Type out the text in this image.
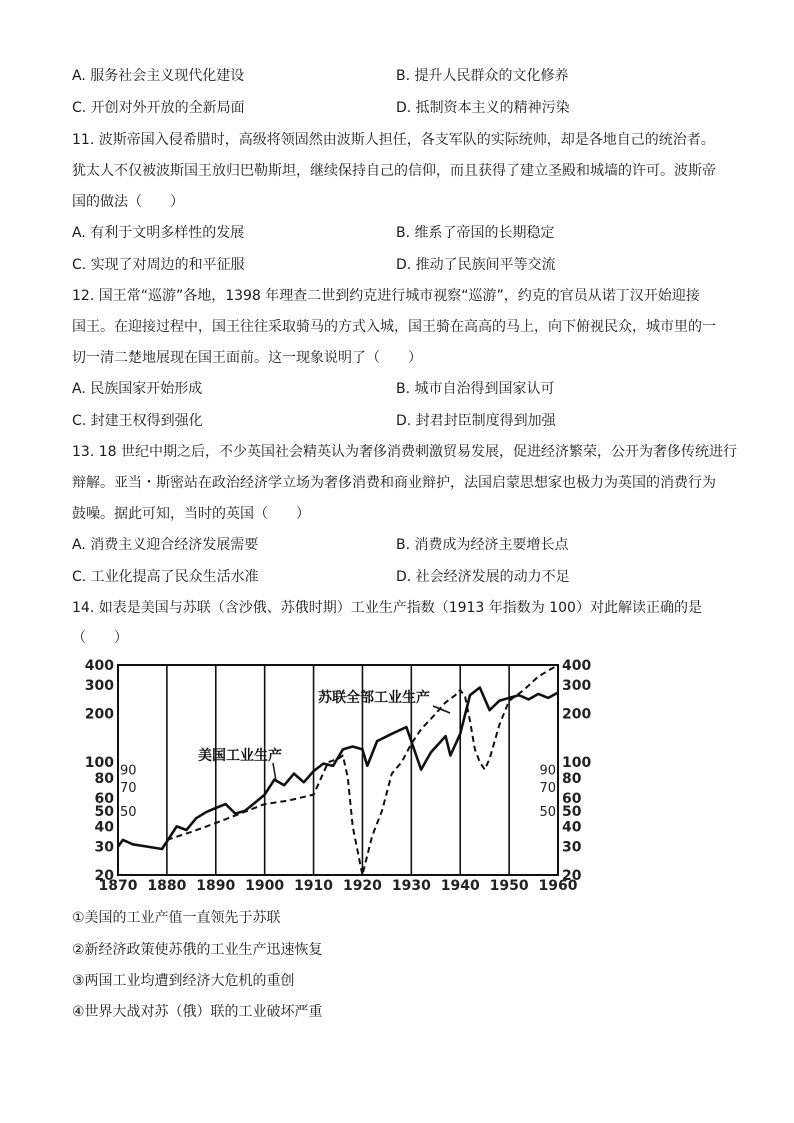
A. 服务社会主义现代化建设	B. 提升人民群众的文化修养
C. 开创对外开放的全新局面	D. 抵制资本主义的精神污染
11. 波斯帝国入侵希腊时，高级将领固然由波斯人担任，各支军队的实际统帅，却是各地自己的统治者。
犹太人不仅被波斯国王放归巴勒斯坦，继续保持自己的信仰，而且获得了建立圣殿和城墙的许可。波斯帝
国的做法（　　）
A. 有利于文明多样性的发展	B. 维系了帝国的长期稳定
C. 实现了对周边的和平征服	D. 推动了民族间平等交流
12. 国王常“巡游”各地，1398 年理查二世到约克进行城市视察“巡游”，约克的官员从诺丁汉开始迎接
国王。在迎接过程中，国王往往采取骑马的方式入城，国王骑在高高的马上，向下俯视民众，城市里的一
切一清二楚地展现在国王面前。这一现象说明了（　　）
A. 民族国家开始形成	B. 城市自治得到国家认可
C. 封建王权得到强化	D. 封君封臣制度得到加强
13. 18 世纪中期之后，不少英国社会精英认为奢侈消费刺激贸易发展，促进经济繁荣，公开为奢侈传统进行
辩解。亚当・斯密站在政治经济学立场为奢侈消费和商业辩护，法国启蒙思想家也极力为英国的消费行为
鼓噪。据此可知，当时的英国（　　）
A. 消费主义迎合经济发展需要	B. 消费成为经济主要增长点
C. 工业化提高了民众生活水准	D. 社会经济发展的动力不足
14. 如表是美国与苏联（含沙俄、苏俄时期）工业生产指数（1913 年指数为 100）对此解读正确的是
（　　）
1870 1880 1890 1900 1910 1920 1930 1940 1950 1960
400	400
300	300
200	200
100	100
80	80
60	60
50	50
40	40
30	30
20	20
90	90
70	70
50	50
美国工业生产
苏联全部工业生产
①美国的工业产值一直领先于苏联
②新经济政策使苏俄的工业生产迅速恢复
③两国工业均遭到经济大危机的重创
④世界大战对苏（俄）联的工业破坏严重
